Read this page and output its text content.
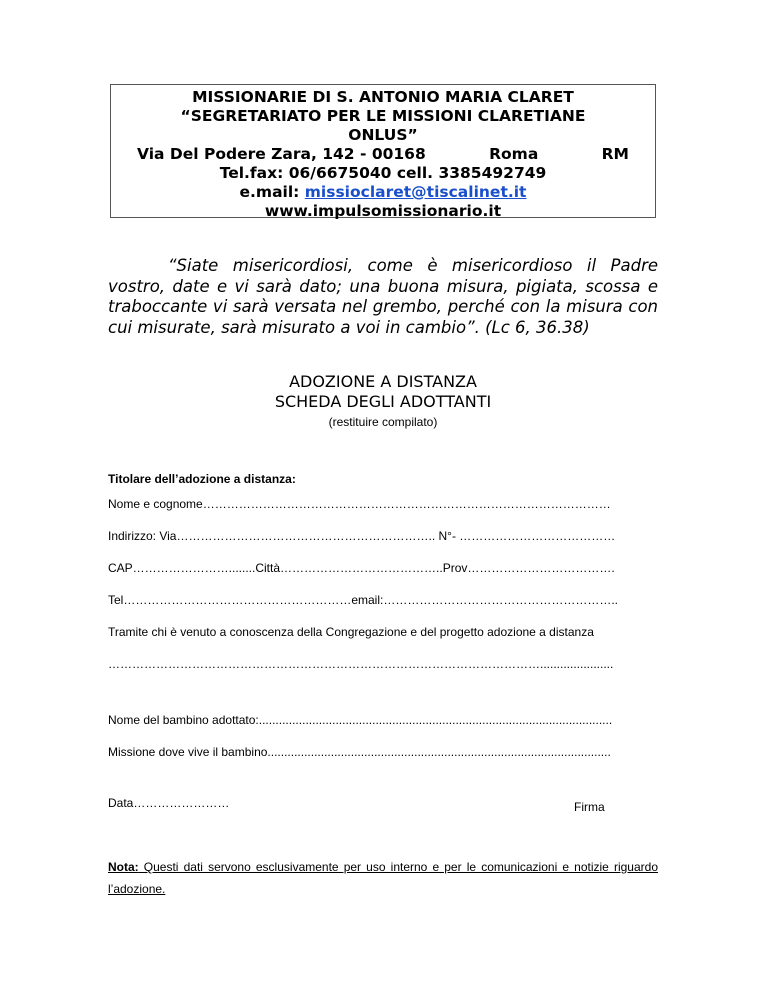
MISSIONARIE DI S. ANTONIO MARIA CLARET
“SEGRETARIATO PER LE MISSIONI CLARETIANE
ONLUS”
Via Del Podere Zara, 142 - 00168	Roma	RM
Tel.fax: 06/6675040 cell. 3385492749
e.mail: missioclaret@tiscalinet.it
www.impulsomissionario.it

“Siate misericordiosi, come è misericordioso il Padre vostro, date e vi sarà dato; una buona misura, pigiata, scossa e traboccante vi sarà versata nel grembo, perché con la misura con cui misurate, sarà misurato a voi in cambio”. (Lc 6, 36.38)

ADOZIONE A DISTANZA
SCHEDA DEGLI ADOTTANTI
(restituire compilato)
Titolare dell’adozione a distanza:
Nome e cognome…………………………………………………………………………………………
Indirizzo: Via……………………………………………………….. N°- …………………………………
CAP……………………........Città…………………………………..Prov……………………………….
Tel…………………………………………………email:…………………………………………………..
Tramite chi è venuto a conoscenza della Congregazione e del progetto adozione a distanza
………………………………………………………………………………………………......................
Nome del bambino adottato:..........................................................................................................
Missione dove vive il bambino.......................................................................................................
Data……………………	Firma

Nota: Questi dati servono esclusivamente per uso interno e per le comunicazioni e notizie riguardo l’adozione.
